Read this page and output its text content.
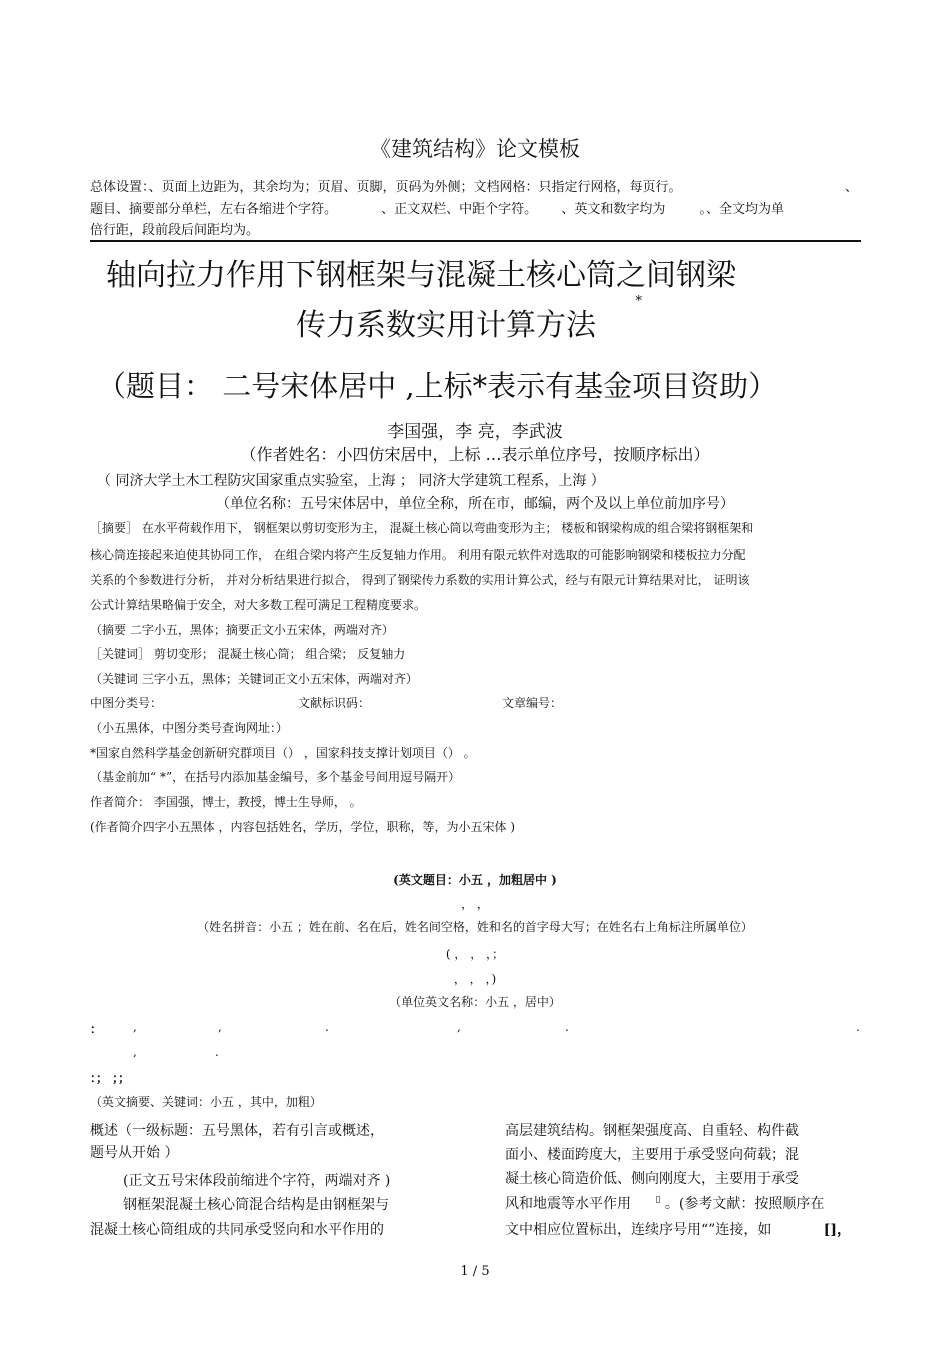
《建筑结构》论文模板
总体设置：、页面上边距为，其余均为；页眉、页脚，页码为外侧；文档网格：只指定行网格，每页行。	、
题目、摘要部分单栏，左右各缩进个字符。	、正文双栏、中距个字符。 、英文和数字均为	。、全文均为单
倍行距，段前段后间距均为。
轴向拉力作用下钢框架与混凝土核心筒之间钢梁
传力系数实用计算方法 *
（题目： 二号宋体居中 ,上标*表示有基金项目资助）
李国强，李 亮，李武波
（作者姓名：小四仿宋居中，上标 …表示单位序号，按顺序标出）
（ 同济大学土木工程防灾国家重点实验室，上海 ； 同济大学建筑工程系，上海 ）
（单位名称：五号宋体居中，单位全称，所在市，邮编，两个及以上单位前加序号）
［摘要］ 在水平荷载作用下， 钢框架以剪切变形为主， 混凝土核心筒以弯曲变形为主； 楼板和钢梁构成的组合梁将钢框架和
核心筒连接起来迫使其协同工作， 在组合梁内将产生反复轴力作用。 利用有限元软件对选取的可能影响钢梁和楼板拉力分配
关系的个参数进行分析， 并对分析结果进行拟合， 得到了钢梁传力系数的实用计算公式，经与有限元计算结果对比， 证明该
公式计算结果略偏于安全，对大多数工程可满足工程精度要求。
（摘要 二字小五，黑体；摘要正文小五宋体，两端对齐）
［关键词］ 剪切变形； 混凝土核心筒； 组合梁； 反复轴力
（关键词 三字小五，黑体；关键词正文小五宋体，两端对齐）
中图分类号：	文献标识码：	文章编号：
（小五黑体，中图分类号查询网址：）
*国家自然科学基金创新研究群项目（） ，国家科技支撑计划项目（） 。
（基金前加“ *”，在括号内添加基金编号，多个基金号间用逗号隔开）
作者简介： 李国强，博士，教授，博士生导师， 。
(作者简介四字小五黑体 ，内容包括姓名，学历，学位，职称，等，为小五宋体 )
(英文题目：小五 ，加粗居中 )
， ，
（姓名拼音：小五 ；姓在前、名在后，姓名间空格，姓和名的首字母大写；在姓名右上角标注所属单位）
( ， ， ，；
， ， ，)
（单位英文名称：小五 ，居中）
：	,	,	.	,	.	.
,	.
：； ；；
（英文摘要、关键词：小五 ，其中，加粗）
概述（一级标题：五号黑体，若有引言或概述，
题号从开始 ）
(正文五号宋体段前缩进个字符，两端对齐 )
钢框架混凝土核心筒混合结构是由钢框架与
混凝土核心筒组成的共同承受竖向和水平作用的
高层建筑结构。钢框架强度高、自重轻、构件截
面小、楼面跨度大，主要用于承受竖向荷载；混
凝土核心筒造价低、侧向刚度大，主要用于承受
风和地震等水平作用	▯ 。(参考文献：按照顺序在
文中相应位置标出，连续序号用“”连接，如	[]，
1 / 5
